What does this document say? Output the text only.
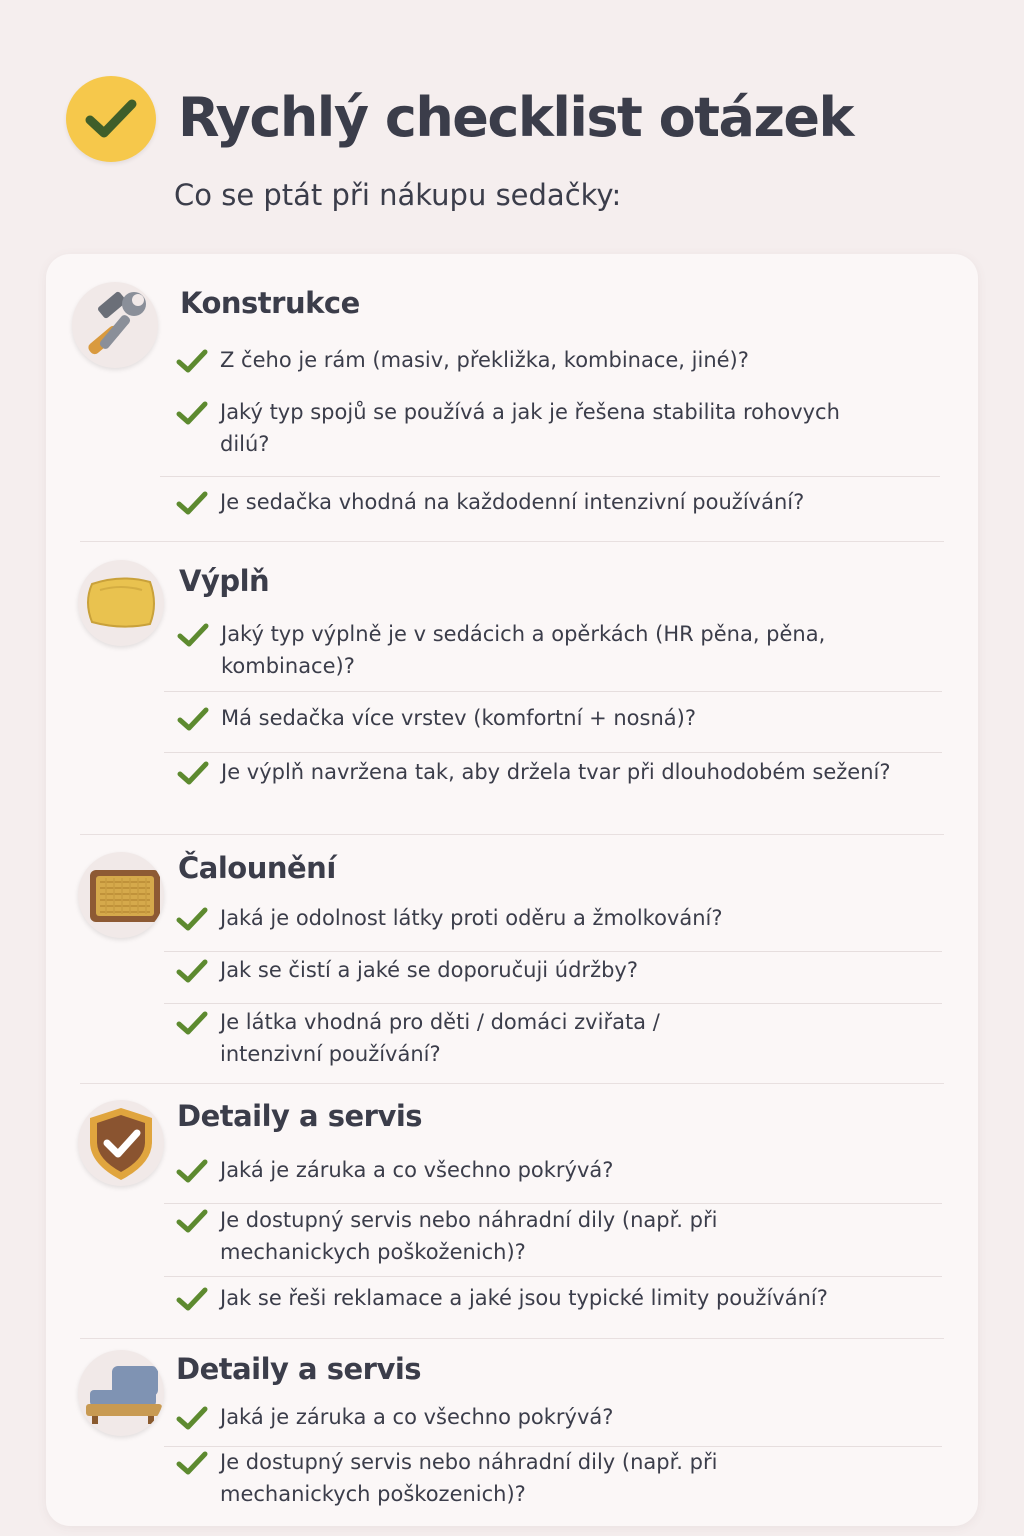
Rychlý checklist otázek
Co se ptát při nákupu sedačky:
Konstrukce
Z čeho je rám (masiv, překližka, kombinace, jiné)?
Jaký typ spojů se používá a jak je řešena stabilita rohovych dilú?
Je sedačka vhodná na každodenní intenzivní používání?
Výplň
Jaký typ výplně je v sedácich a opěrkách (HR pěna, pěna, kombinace)?
Má sedačka více vrstev (komfortní + nosná)?
Je výplň navržena tak, aby držela tvar při dlouhodobém sežení?
Čalounění
Jaká je odolnost látky proti oděru a žmolkování?
Jak se čistí a jaké se doporučuji údržby?
Je látka vhodná pro děti / domáci zviřata / intenzivní používání?
Detaily a servis
Jaká je záruka a co všechno pokrývá?
Je dostupný servis nebo náhradní dily (např. při mechanickych poškoženich)?
Jak se řeši reklamace a jaké jsou typické limity používání?
Detaily a servis
Jaká je záruka a co všechno pokrývá?
Je dostupný servis nebo náhradní dily (např. při mechanickych poškozenich)?
